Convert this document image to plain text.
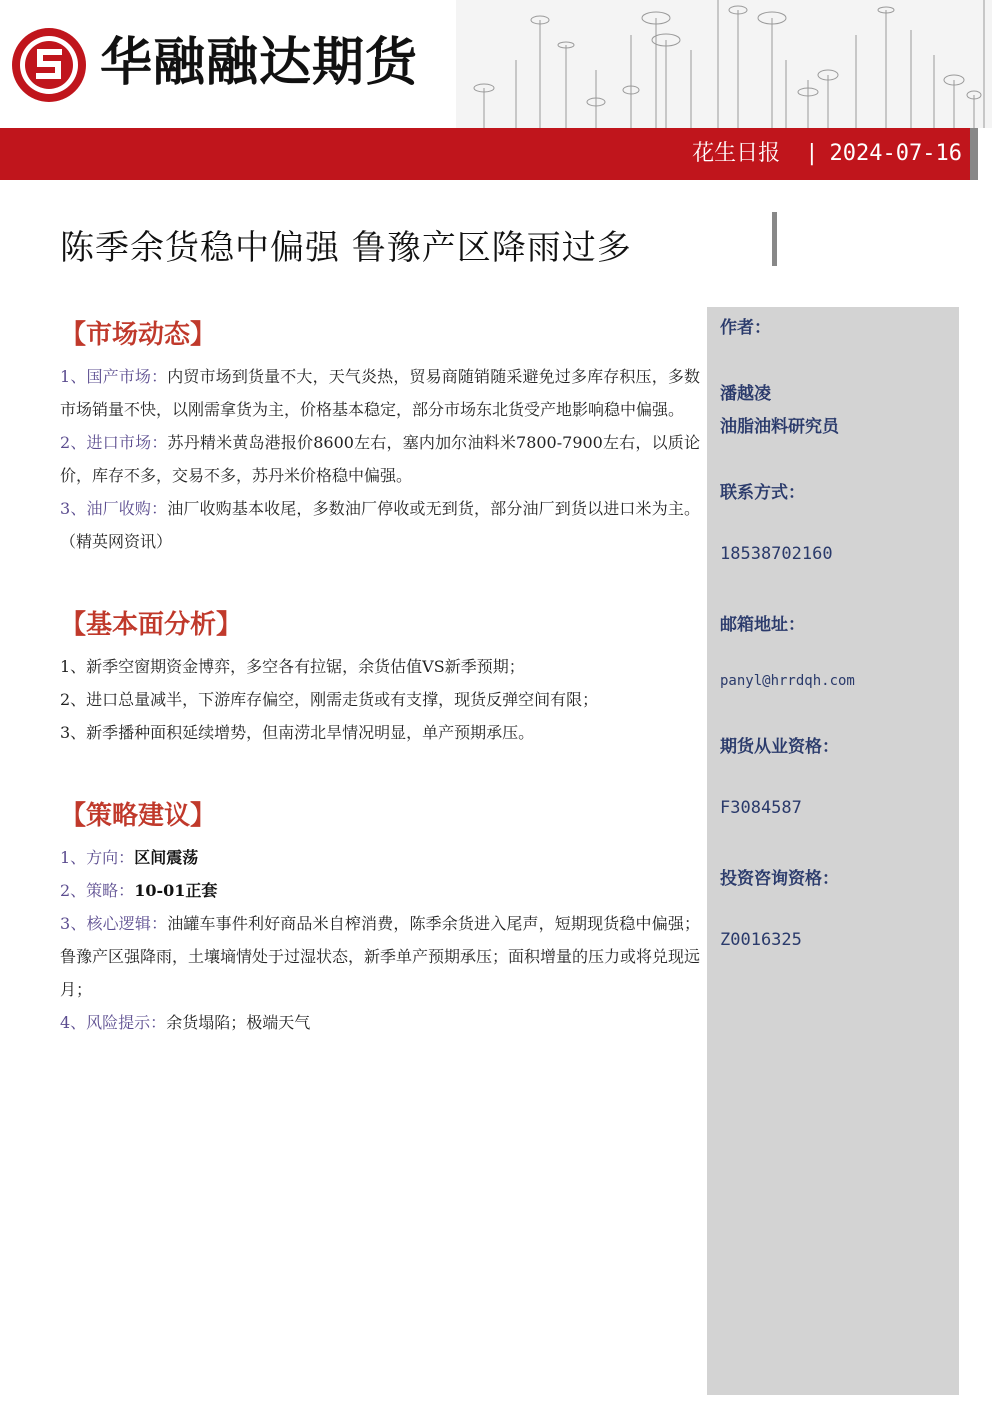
华融融达期货
花生日报 | 2024-07-16
陈季余货稳中偏强 鲁豫产区降雨过多
【市场动态】

1、国产市场：内贸市场到货量不大，天气炎热，贸易商随销随采避免过多库存积压，多数市场销量不快，以刚需拿货为主，价格基本稳定，部分市场东北货受产地影响稳中偏强。

2、进口市场：苏丹精米黄岛港报价8600左右，塞内加尔油料米7800-7900左右，以质论价，库存不多，交易不多，苏丹米价格稳中偏强。

3、油厂收购：油厂收购基本收尾，多数油厂停收或无到货，部分油厂到货以进口米为主。（精英网资讯）

【基本面分析】

1、新季空窗期资金博弈，多空各有拉锯，余货估值VS新季预期；

2、进口总量减半，下游库存偏空，刚需走货或有支撑，现货反弹空间有限；

3、新季播种面积延续增势，但南涝北旱情况明显，单产预期承压。

【策略建议】

1、方向：区间震荡

2、策略：10-01正套

3、核心逻辑：油罐车事件利好商品米自榨消费，陈季余货进入尾声，短期现货稳中偏强；鲁豫产区强降雨，土壤墒情处于过湿状态，新季单产预期承压；面积增量的压力或将兑现远月；

4、风险提示：余货塌陷；极端天气

作者：
潘越凌
油脂油料研究员
联系方式：
18538702160
邮箱地址：
panyl@hrrdqh.com
期货从业资格：
F3084587
投资咨询资格：
Z0016325
